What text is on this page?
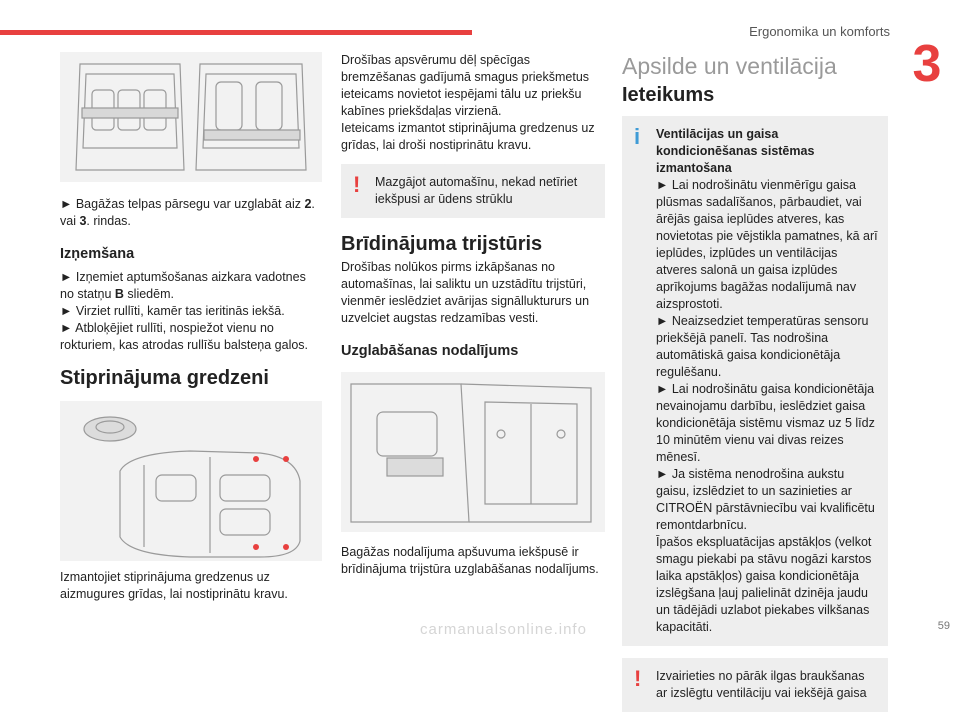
Ergonomika un komforts
3

► Bagāžas telpas pārsegu var uzglabāt aiz 2. vai 3. rindas.

Izņemšana

► Izņemiet aptumšošanas aizkara vadotnes no statņu B sliedēm.

► Virziet rullīti, kamēr tas ieritinās iekšā.

► Atbloķējiet rullīti, nospiežot vienu no rokturiem, kas atrodas rullīšu balsteņa galos.

Stiprinājuma gredzeni

Izmantojiet stiprinājuma gredzenus uz aizmugures grīdas, lai nostiprinātu kravu.

Drošības apsvērumu dēļ spēcīgas bremzēšanas gadījumā smagus priekšmetus ieteicams novietot iespējami tālu uz priekšu kabīnes priekšdaļas virzienā.

Ieteicams izmantot stiprinājuma gredzenus uz grīdas, lai droši nostiprinātu kravu.

! Mazgājot automašīnu, nekad netīriet iekšpusi ar ūdens strūklu

Brīdinājuma trijstūris

Drošības nolūkos pirms izkāpšanas no automašīnas, lai saliktu un uzstādītu trijstūri, vienmēr ieslēdziet avārijas signālluktururs un uzvelciet augstas redzamības vesti.

Uzglabāšanas nodalījums

Bagāžas nodalījuma apšuvuma iekšpusē ir brīdinājuma trijstūra uzglabāšanas nodalījums.

Apsilde un ventilācija

Ieteikums

i Ventilācijas un gaisa kondicionēšanas sistēmas izmantošana

► Lai nodrošinātu vienmērīgu gaisa plūsmas sadalīšanos, pārbaudiet, vai ārējās gaisa ieplūdes atveres, kas novietotas pie vējstikla pamatnes, kā arī ieplūdes, izplūdes un ventilācijas atveres salonā un gaisa izplūdes aprīkojums bagāžas nodalījumā nav aizsprostoti.

► Neaizsedziet temperatūras sensoru priekšējā panelī. Tas nodrošina automātiskā gaisa kondicionētāja regulēšanu.

► Lai nodrošinātu gaisa kondicionētāja nevainojamu darbību, ieslēdziet gaisa kondicionētāja sistēmu vismaz uz 5 līdz 10 minūtēm vienu vai divas reizes mēnesī.

► Ja sistēma nenodrošina aukstu gaisu, izslēdziet to un sazinieties ar CITROËN pārstāvniecību vai kvalificētu remontdarbnīcu.

Īpašos ekspluatācijas apstākļos (velkot smagu piekabi pa stāvu nogāzi karstos laika apstākļos) gaisa kondicionētāja izslēgšana ļauj palielināt dzinēja jaudu un tādējādi uzlabot piekabes vilkšanas kapacitāti.

! Izvairieties no pārāk ilgas braukšanas ar izslēgtu ventilāciju vai iekšējā gaisa

59
carmanualsonline.info
